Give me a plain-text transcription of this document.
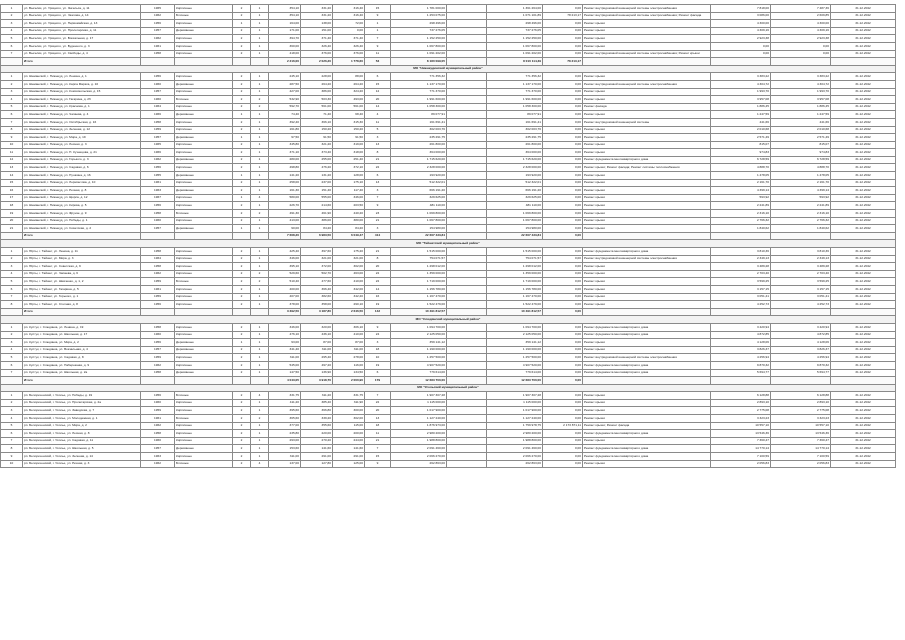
1	ул. Выселки, ул. Урицкого, ул. Энгельса, д. 11	1965	Кирпичные	2	1	354,10	331,20	316,40	15	1 781 000,00		1 361 264,00	0,00	Ремонт внутридомовой инженерной системы электроснабжения	7 818,00	7 487,36	31.12.2042
2	ул. Выселки, ул. Урицкого, ул. Чкалова, д. 14	1962	Блочные	2	1	354,10	331,20	316,40	9	1 253 075,00		1 071 101,89	78 213,17	Ремонт внутридомовой инженерной системы электроснабжения; Ремонт фасада	3 086,00	2 609,85	31.12.2042
3	ул. Выселки, ул. Урицкого, ул. Первомайская, д. 13	1956	Кирпичные	1	1	164,00	138,00	72,00	1	298 496,00		298 496,00	0,00	Ремонт крыши	4 300,00	4 300,00	31.12.2042
4	ул. Выселки, ул. Урицкого, ул. Пролетарская, д. 11	1957	Деревянные	2	1	171,00	151,00	0,00	1	737 276,05		737 276,05	0,00	Ремонт крыши	4 309,16	4 309,16	31.12.2042
5	ул. Выселки, ул. Урицкого, ул. Вокзальная, д. 17	1962	Кирпичные	2	1	394,70	371,40	371,40	7	1 152 250,00		1 152 250,00	0,00	Ремонт крыши	2 923,38	2 923,38	31.12.2042
6	ул. Выселки, ул. Урицкого, ул. Буденного, д. 3	1961	Кирпичные	2	1	360,00	326,40	326,40	9	1 067 800,00		1 067 800,00	0,00	Ремонт крыши	0,00	0,00	31.12.2042
7	ул. Выселки, ул. Урицкого, ул. Свободы, д. 4	1958	Кирпичные	2	1	418,00	376,00	376,00	11	1 091 202,00		1 091 202,00	0,00	Ремонт внутридомовой инженерной системы электроснабжения; Ремонт крыши	0,00	0,00	31.12.2042
	Итого					2 216,00	2 026,20	1 778,60	53	8 180 099,05		8 010 114,39	78 213,17				
МО "Нижнеудинский муниципальный район"																	
1	рп. Шеманский, г. Нижнеуд, ул. Ленина, д. 1	1956	Кирпичные	2	1	245,10	228,00	88,00	6	771 356,32		771 356,32	0,00	Ремонт крыши	3 383,22	3 383,22	31.12.2042
2	рп. Шеманский, г. Нижнеуд, ул. Карла Маркса, д. 10	1960	Деревянные	2	1	287,50	264,20	264,20	15	1 137 170,00		1 137 170,00	0,00	Ремонт внутридомовой инженерной системы электроснабжения	4 304,72	4 304,72	31.12.2042
3	рп. Шеманский, г. Нижнеуд, ул. Комсомольская, д. 15	1957	Кирпичные	2	1	427,00	386,00	324,20	12	771 370,00		771 370,00	0,00	Ремонт крыши	1 993,70	1 993,70	31.12.2042
4	рп. Шеманский, г. Нижнеуд, ул. Гагарина, д. 2б	1960	Блочные	2	2	532,90	503,30	493,00	20	1 991 600,00		1 991 600,00	0,00	Ремонт крыши	3 957,08	3 957,08	31.12.2042
5	рп. Шеманский, г. Нижнеуд, ул. Краснова, д. 1	1964	Кирпичные	2	2	592,70	561,00	561,00	14	1 058 300,00		1 058 300,00	0,00	Ремонт фасада	1 886,45	1 886,45	31.12.2042
6	рп. Шеманский, г. Нижнеуд, ул. Чапаева, д. 4	1966	Деревянные	1	1	74,40	71,40	68,40	4	89 077,91		89 077,91	0,00	Ремонт крыши	1 247,59	1 247,59	31.12.2042
7	рп. Шеманский, г. Нижнеуд, ул. Октябрьская, д. 16	1958	Кирпичные	2	1	392,40	366,10	315,30	11	161 691,41		161 691,41	0,00	Ремонт внутридомовой инженерной системы	441,66	441,66	31.12.2042
8	рп. Шеманский, г. Нижнеуд, ул. Зеленая, д. 12	1959	Кирпичные	2	1	161,80	150,20	150,20	5	302 003,76		302 003,76	0,00	Ремонт крыши	2 010,68	2 010,68	31.12.2042
9	рп. Шеманский, г. Нижнеуд, ул. Мира, д. 19	1957	Деревянные	1	1	97,50	91,50	91,50	3	235 291,75		235 291,75	0,00	Ремонт крыши	2 571,49	2 571,49	31.12.2042
10	рп. Шеманский, г. Нижнеуд, ул. Лесная, д. 3	1965	Кирпичные	2	1	345,80	321,20	319,00	13	261 800,00		261 800,00	0,00	Ремонт крыши	815,07	815,07	31.12.2042
11	рп. Шеманский, г. Нижнеуд, ул. Н. Кузнецова, д. 21	1966	Кирпичные	2	1	371,10	373,40	318,00	8	364 000,00		364 000,00	0,00	Ремонт крыши	974,83	974,83	31.12.2042
12	рп. Шеманский, г. Нижнеуд, ул. Горького, д. 3	1962	Деревянные	2	1	280,00	255,00	251,40	21	1 715 620,00		1 715 620,00	0,00	Ремонт фундамента многоквартирного дома	6 728,59	6 728,59	31.12.2042
13	рп. Шеманский, г. Нижнеуд, ул. Садовая, д. 6	1956	Кирпичные	2	1	498,80	476,20	372,10	22	2 328 000,00		2 328 000,00	0,00	Ремонт крыши; Ремонт фасада; Ремонт системы теплоснабжения	4 888,70	4 888,70	31.12.2042
14	рп. Шеманский, г. Нижнеуд, ул. Пушкина, д. 16	1955	Деревянные	1	1	141,20	131,20	128,00	6	193 920,00		193 920,00	0,00	Ремонт крыши	1 478,05	1 478,05	31.12.2042
15	рп. Шеманский, г. Нижнеуд, ул. Лермонтова, д. 10	1961	Кирпичные	2	1	258,00	237,00	175,10	13	512 322,01		512 322,01	0,00	Ремонт крыши	2 161,70	2 161,70	31.12.2042
16	рп. Шеманский, г. Нижнеуд, ул. Речная, д. 8	1963	Деревянные	2	1	161,30	151,40	117,40	3	666 191,20		666 191,20	0,00	Ремонт крыши	4 399,14	4 399,14	31.12.2042
17	рп. Шеманский, г. Нижнеуд, ул. Щорса, д. 12	1967	Кирпичные	1	4	580,00	555,00	346,00	7	329 625,00		329 625,00	0,00	Ремонт крыши	593,92	593,92	31.12.2042
18	рп. Шеманский, г. Нижнеуд, ул. Кирова, д. 5	1956	Кирпичные	2	1	226,70	214,60	203,50	9	481 110,00		481 110,00	0,00	Ремонт крыши	2 241,89	2 241,89	31.12.2042
19	рп. Шеманский, г. Нижнеуд, ул. Фрунзе, д. 9	1958	Блочные	2	2	491,30	461,90	440,20	23	1 069 800,00		1 069 800,00	0,00	Ремонт крыши	2 316,10	2 316,10	31.12.2042
20	рп. Шеманский, г. Нижнеуд, ул. Победы, д. 1	1960	Кирпичные	2	1	413,00	386,00	380,00	21	1 067 800,00		1 067 800,00	0,00	Ремонт крыши	2 766,32	2 766,32	31.12.2042
21	рп. Шеманский, г. Нижнеуд, ул. Советская, д. 2	1957	Деревянные	1	1	90,00	84,20	84,20	3	154 980,00		154 980,00	0,00	Ремонт крыши	1 840,62	1 840,62	31.12.2042
	Итого					7 668,20	6 983,50	6 049,47	414	22 667 433,84		22 667 433,84	0,00				
МО "Тайшетский муниципальный район"																	
1	рп. Юрты, г. Тайшет, ул. Ленина, д. 11	1958	Кирпичные	2	1	425,40	397,60	175,20	21	1 515 000,00		1 515 000,00	0,00	Ремонт фундамента многоквартирного дома	3 810,36	3 810,36	31.12.2042
2	рп. Юрты, г. Тайшет, ул. Мира, д. 3	1964	Кирпичные	2	1	346,00	321,00	321,00	8	754 071,57		754 071,57	0,00	Ремонт внутридомовой инженерной системы электроснабжения	2 349,13	2 349,13	31.12.2042
3	рп. Юрты, г. Тайшет, ул. Советская, д. 9	1958	Кирпичные	2	1	395,10	372,00	302,00	20	1 298 012,00		1 298 012,00	0,00	Ремонт крыши	3 489,28	3 489,28	31.12.2042
4	рп. Юрты, г. Тайшет, ул. Чапаева, д. 6	1962	Кирпичные	2	2	529,60	502,70	463,00	22	1 359 000,00		1 359 000,00	0,00	Ремонт крыши	2 703,40	2 703,40	31.12.2042
5	рп. Юрты, г. Тайшет, ул. Шевченко, д. 1, 2	1959	Блочные	2	2	510,40	477,60	410,00	22	1 719 000,00		1 719 000,00	0,00	Ремонт крыши	3 599,25	3 599,25	31.12.2042
6	рп. Юрты, г. Тайшет, ул. Гагарина, д. 5	1961	Кирпичные	2	1	400,00	366,40	342,00	14	1 156 780,00		1 156 780,00	0,00	Ремонт крыши	3 157,15	3 157,15	31.12.2042
7	рп. Юрты, г. Тайшет, ул. Горького, д. 1	1959	Кирпичные	2	1	407,00	382,60	342,20	16	1 167 470,00		1 167 470,00	0,00	Ремонт крыши	3 051,41	3 051,41	31.12.2042
8	рп. Юрты, г. Тайшет, ул. Степная, д. 8	1956	Кирпичные	2	1	378,00	358,00	290,10	19	1 522 479,00		1 522 479,00	0,00	Ремонт крыши	4 252,73	4 252,73	31.12.2042
	Итого					3 392,50	3 187,80	2 646,50	142	10 491 812,57		10 491 812,57	0,00				
МО "Слюдянский муниципальный район"																	
1	рп. Култук, г. Слюдянка, ул. Ленина, д. 19	1958	Кирпичные	2	1	346,00	320,00	306,10	9	1 094 700,00		1 094 700,00	0,00	Ремонт фундамента многоквартирного дома	3 420,94	3 420,94	31.12.2042
2	рп. Култук, г. Слюдянка, ул. Школьная, д. 17	1960	Кирпичные	2	1	476,10	436,10	410,00	24	2 125 050,00		2 125 050,00	0,00	Ремонт фундамента многоквартирного дома	4 872,85	4 872,85	31.12.2042
3	рп. Култук, г. Слюдянка, ул. Мира, д. 2	1956	Деревянные	1	1	93,00	87,00	87,00	3	359 141,12		359 141,12	0,00	Ремонт крыши	4 128,06	4 128,06	31.12.2042
4	рп. Култук, г. Слюдянка, ул. Вокзальная, д. 4	1957	Деревянные	2	1	341,40	311,00	311,00	18	1 190 000,00		1 190 000,00	0,00	Ремонт крыши	3 826,37	3 826,37	31.12.2042
5	рп. Култук, г. Слюдянка, ул. Садовая, д. 8	1959	Кирпичные	2	1	311,00	295,40	278,00	10	1 257 500,00		1 257 500,00	0,00	Ремонт внутридомовой инженерной системы электроснабжения	4 256,94	4 256,94	31.12.2042
6	рп. Култук, г. Слюдянка, ул. Набережная, д. 9	1962	Кирпичные	2	1	545,00	497,20	116,00	19	4 907 520,00		4 907 520,00	0,00	Ремонт фундамента многоквартирного дома	9 870,32	9 870,32	31.12.2042
7	рп. Култук, г. Слюдянка, ул. Школьная, д. 2а	1958	Деревянные	2	1	147,50	136,90	134,50	6	779 614,00		779 614,00	0,00	Ремонт фундамента многоквартирного дома	5 694,77	5 694,77	31.12.2042
	Итого					4 043,05	3 918,70	2 000,90	179	12 683 700,00		12 683 700,00	0,00				
МО "Усольский муниципальный район"																	
1	рп. Белореченский, г. Усолье, ул. Победы, д. 19	1956	Блочные	2	4	331,75	311,20	331,75	7	1 907 307,28		1 907 307,28	0,00	Ремонт крыши	6 128,88	6 128,88	31.12.2042
2	рп. Белореченский, г. Усолье, ул. Пролетарская, д. 2а	1960	Кирпичные	2	1	411,20	385,40	311,90	22	1 115 000,00		1 115 000,00	0,00	Ремонт крыши	2 893,10	2 893,10	31.12.2042
3	рп. Белореченский, г. Усолье, ул. Заводская, д. 7	1959	Кирпичные	2	1	395,60	366,80	300,00	20	1 017 900,00		1 017 900,00	0,00	Ремонт крыши	2 775,08	2 775,08	31.12.2042
4	рп. Белореченский, г. Усолье, ул. Молодежная, д. 1	1961	Блочные	2	2	365,60	339,20	302,00	13	1 127 240,00		1 127 240,00	0,00	Ремонт крыши	3 323,23	3 323,23	31.12.2042
5	рп. Белореченский, г. Усолье, ул. Мира, д. 2	1962	Кирпичные	2	1	377,00	355,60	115,00	18	1 876 973,00		1 759 978,75	2 173 871,11	Ремонт крыши; Ремонт фасада	10 557,10	10 557,10	31.12.2042
6	рп. Белореченский, г. Усолье, ул. Лесная, д. 8	1958	Кирпичные	2	1	235,80	220,00	200,00	11	2 980 200,00		2 980 200,00	0,00	Ремонт фундамента многоквартирного дома	13 546,36	13 546,36	31.12.2042
7	рп. Белореченский, г. Усолье, ул. Садовая, д. 11	1960	Кирпичные	2	1	293,00	270,20	244,00	21	1 988 800,00		1 988 800,00	0,00	Ремонт крыши	7 360,47	7 360,47	31.12.2042
8	рп. Белореченский, г. Усолье, ул. Школьная, д. 5	1957	Деревянные	2	1	153,60	141,60	141,60	7	2 091 460,00		2 091 460,00	0,00	Ремонт фундамента многоквартирного дома	14 770,14	14 770,14	31.12.2042
9	рп. Белореченский, г. Усолье, ул. Зеленая, д. 14	1963	Кирпичные	2	1	311,00	291,00	291,00	15	2 066 270,00		2 066 270,00	0,00	Ремонт фундамента многоквартирного дома	7 100,59	7 100,59	31.12.2042
10	рп. Белореченский, г. Усолье, ул. Речная, д. 3	1962	Блочные	2	4	137,00	127,80	125,00	9	262 863,00		262 863,00	0,00	Ремонт крыши	2 056,83	2 056,83	31.12.2042
